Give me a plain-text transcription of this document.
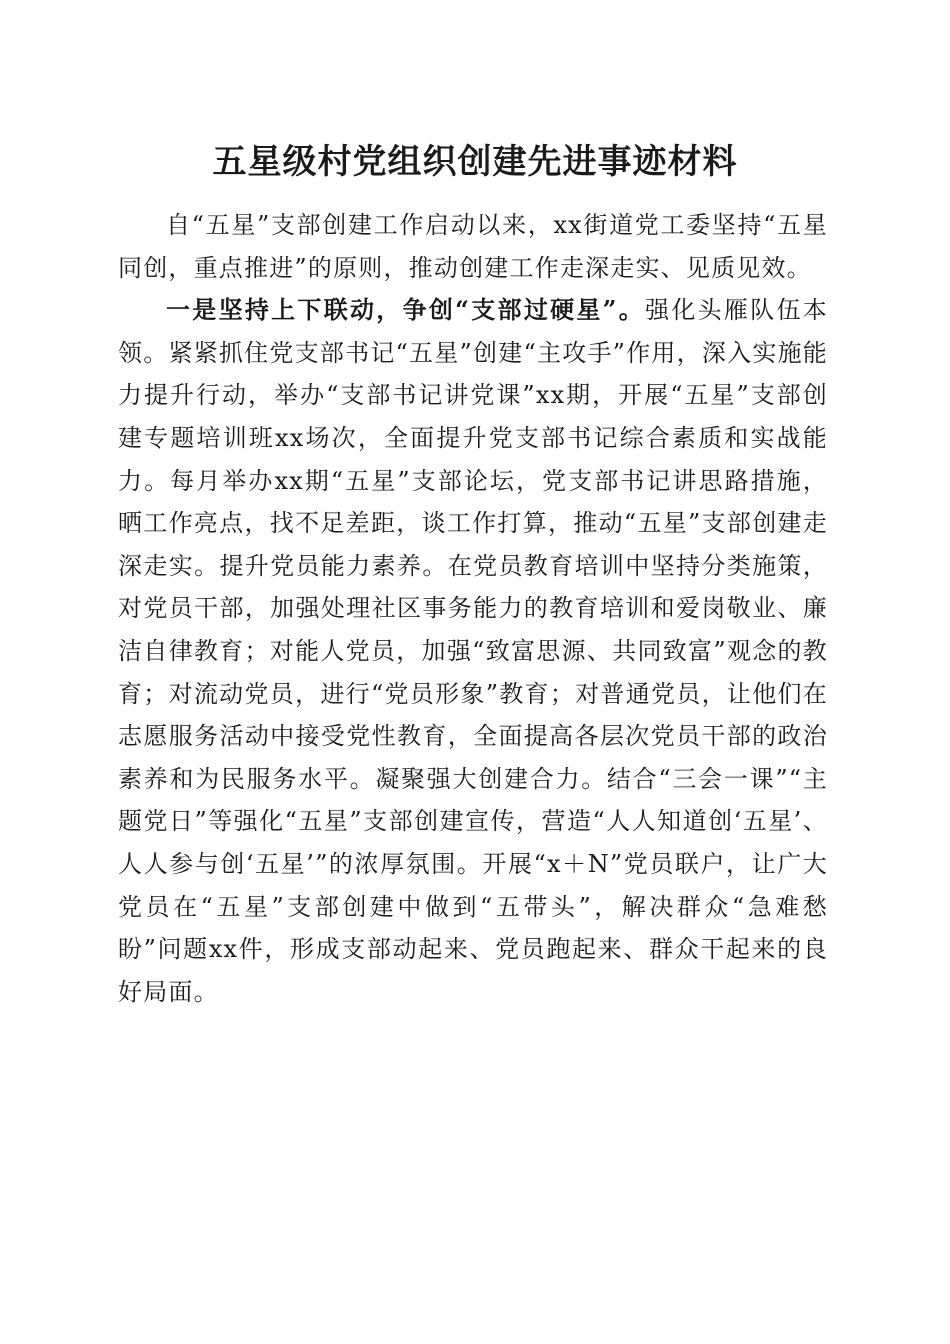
五星级村党组织创建先进事迹材料

自“五星”支部创建工作启动以来，xx街道党工委坚持“五星同创，重点推进”的原则，推动创建工作走深走实、见质见效。

一是坚持上下联动，争创“支部过硬星”。强化头雁队伍本领。紧紧抓住党支部书记“五星”创建“主攻手”作用，深入实施能力提升行动，举办“支部书记讲党课”xx期，开展“五星”支部创建专题培训班xx场次，全面提升党支部书记综合素质和实战能力。每月举办xx期“五星”支部论坛，党支部书记讲思路措施，晒工作亮点，找不足差距，谈工作打算，推动“五星”支部创建走深走实。提升党员能力素养。在党员教育培训中坚持分类施策，对党员干部，加强处理社区事务能力的教育培训和爱岗敬业、廉洁自律教育；对能人党员，加强“致富思源、共同致富”观念的教育；对流动党员，进行“党员形象”教育；对普通党员，让他们在志愿服务活动中接受党性教育，全面提高各层次党员干部的政治素养和为民服务水平。凝聚强大创建合力。结合“三会一课”“主题党日”等强化“五星”支部创建宣传，营造“人人知道创‘五星’、人人参与创‘五星’”的浓厚氛围。开展“x＋N”党员联户，让广大党员在“五星”支部创建中做到“五带头”，解决群众“急难愁盼”问题xx件，形成支部动起来、党员跑起来、群众干起来的良好局面。
